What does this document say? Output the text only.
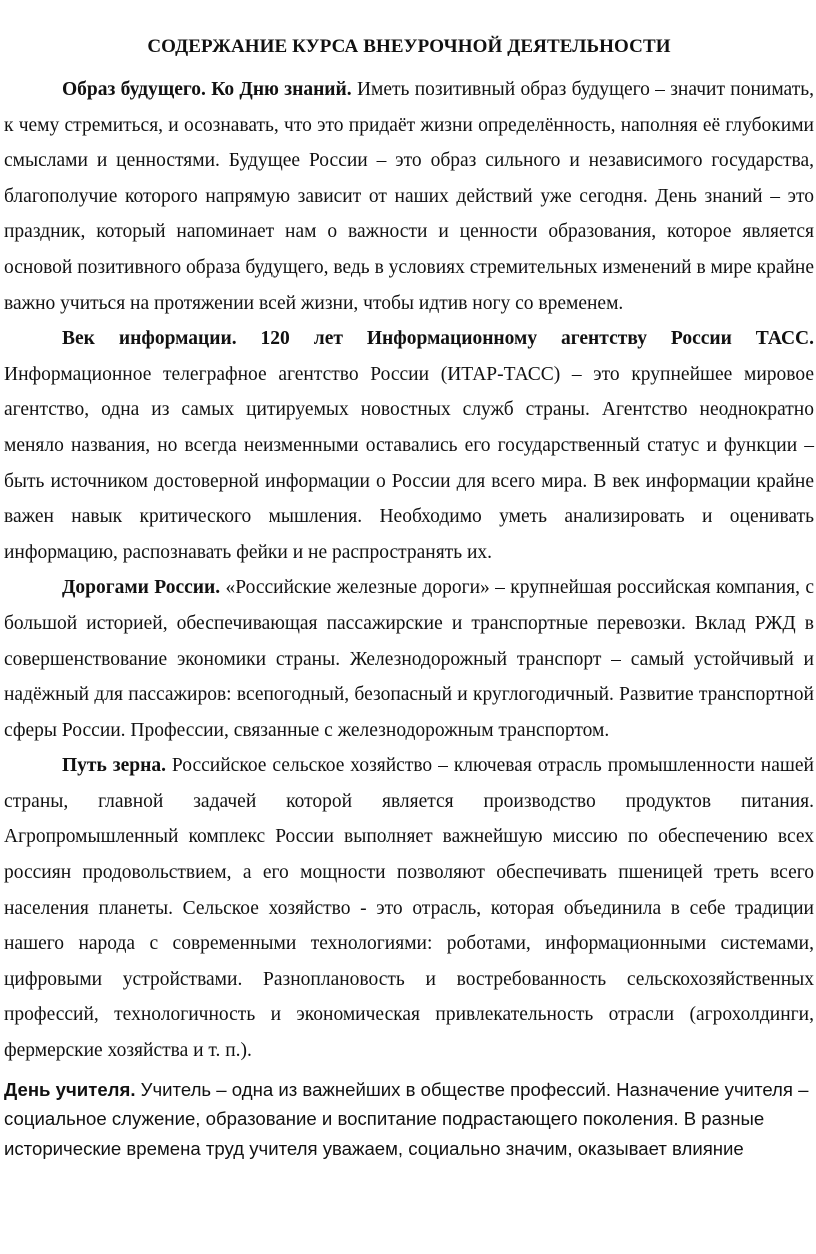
СОДЕРЖАНИЕ КУРСА ВНЕУРОЧНОЙ ДЕЯТЕЛЬНОСТИ

Образ будущего. Ко Дню знаний. Иметь позитивный образ будущего – значит понимать, к чему стремиться, и осознавать, что это придаёт жизни определённость, наполняя её глубокими смыслами и ценностями. Будущее России – это образ сильного и независимого государства, благополучие которого напрямую зависит от наших действий уже сегодня. День знаний – это праздник, который напоминает нам о важности и ценности образования, которое является основой позитивного образа будущего, ведь в условиях стремительных изменений в мире крайне важно учиться на протяжении всей жизни, чтобы идтив ногу со временем.

Век информации. 120 лет Информационному агентству России ТАСС. Информационное телеграфное агентство России (ИТАР-ТАСС) – это крупнейшее мировое агентство, одна из самых цитируемых новостных служб страны. Агентство неоднократно меняло названия, но всегда неизменными оставались его государственный статус и функции – быть источником достоверной информации о России для всего мира. В век информации крайне важен навык критического мышления. Необходимо уметь анализировать и оценивать информацию, распознавать фейки и не распространять их.

Дорогами России. «Российские железные дороги» – крупнейшая российская компания, с большой историей, обеспечивающая пассажирские и транспортные перевозки. Вклад РЖД в совершенствование экономики страны. Железнодорожный транспорт – самый устойчивый и надёжный для пассажиров: всепогодный, безопасный и круглогодичный. Развитие транспортной сферы России. Профессии, связанные с железнодорожным транспортом.

Путь зерна. Российское сельское хозяйство – ключевая отрасль промышленности нашей страны, главной задачей которой является производство продуктов питания. Агропромышленный комплекс России выполняет важнейшую миссию по обеспечению всех россиян продовольствием, а его мощности позволяют обеспечивать пшеницей треть всего населения планеты. Сельское хозяйство - это отрасль, которая объединила в себе традиции нашего народа с современными технологиями: роботами, информационными системами, цифровыми устройствами. Разноплановость и востребованность сельскохозяйственных профессий, технологичность и экономическая привлекательность отрасли (агрохолдинги, фермерские хозяйства и т. п.).

День учителя. Учитель – одна из важнейших в обществе профессий. Назначение учителя – социальное служение, образование и воспитание подрастающего поколения. В разные исторические времена труд учителя уважаем, социально значим, оказывает влияние
